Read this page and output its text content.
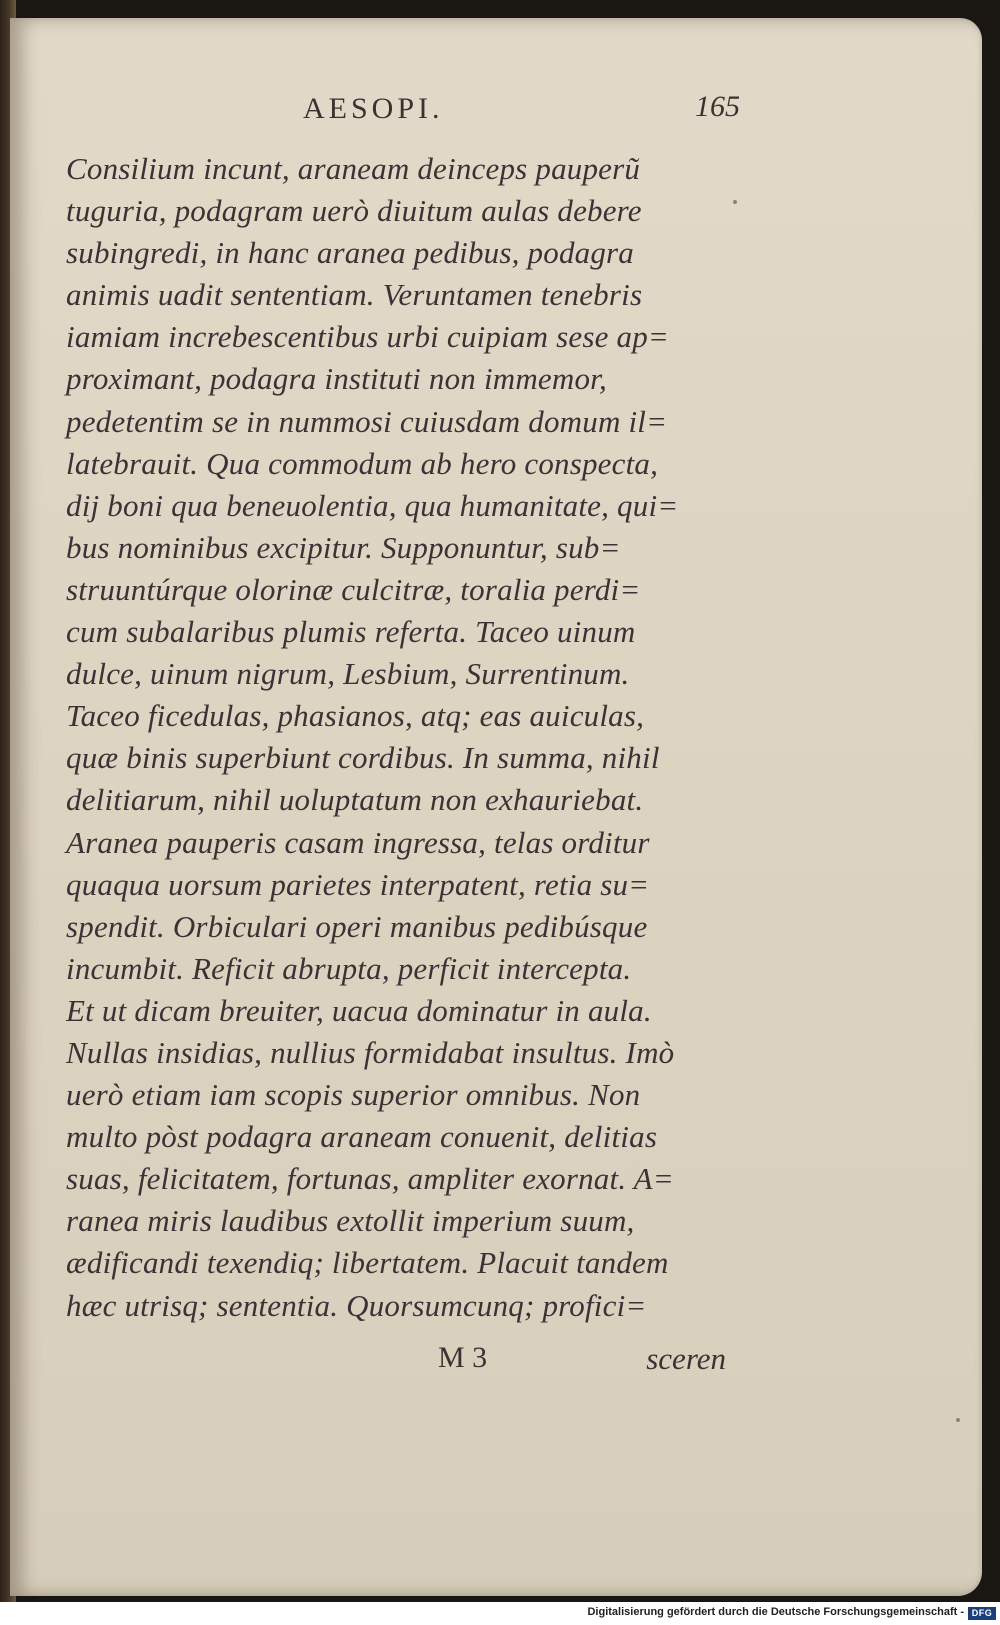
AESOPI.	165
Consilium incunt, araneam deinceps pauperũ
tuguria, podagram uerò diuitum aulas debere
subingredi, in hanc aranea pedibus, podagra
animis uadit sententiam. Veruntamen tenebris
iamiam increbescentibus urbi cuipiam sese ap=
proximant, podagra instituti non immemor,
pedetentim se in nummosi cuiusdam domum il=
latebrauit. Qua commodum ab hero conspecta,
dij boni qua beneuolentia, qua humanitate, qui=
bus nominibus excipitur. Supponuntur, sub=
struuntúrque olorinæ culcitræ, toralia perdi=
cum subalaribus plumis referta. Taceo uinum
dulce, uinum nigrum, Lesbium, Surrentinum.
Taceo ficedulas, phasianos, atq; eas auiculas,
quæ binis superbiunt cordibus. In summa, nihil
delitiarum, nihil uoluptatum non exhauriebat.
Aranea pauperis casam ingressa, telas orditur
quaqua uorsum parietes interpatent, retia su=
spendit. Orbiculari operi manibus pedibúsque
incumbit. Reficit abrupta, perficit intercepta.
Et ut dicam breuiter, uacua dominatur in aula.
Nullas insidias, nullius formidabat insultus. Imò
uerò etiam iam scopis superior omnibus. Non
multo pòst podagra araneam conuenit, delitias
suas, felicitatem, fortunas, ampliter exornat. A=
ranea miris laudibus extollit imperium suum,
ædificandi texendiq; libertatem. Placuit tandem
hæc utrisq; sententia. Quorsumcunq; profici=
M 3	sceren
Digitalisierung gefördert durch die Deutsche Forschungsgemeinschaft - DFG
